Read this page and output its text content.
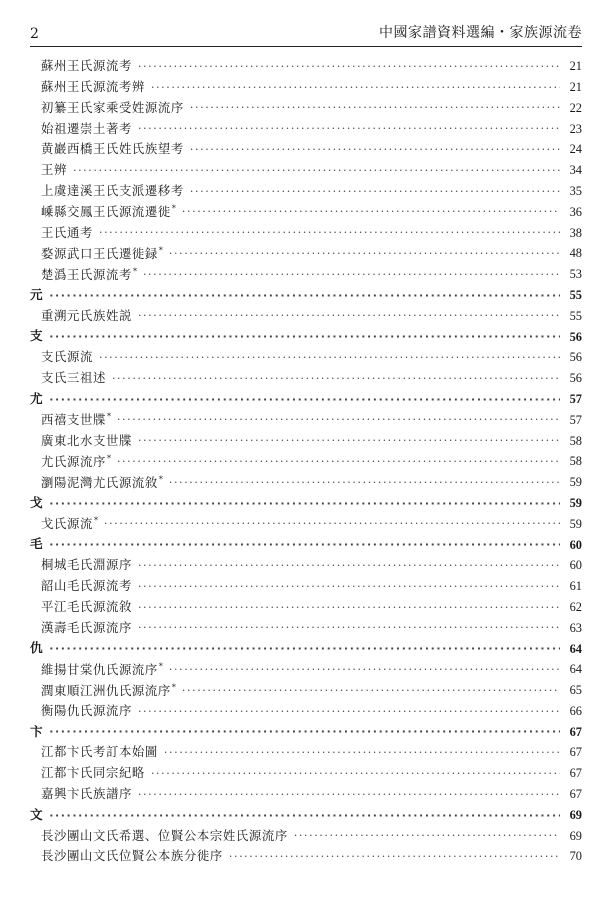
2	中國家譜資料選編・家族源流卷
蘇州王氏源流考 ·····	21
蘇州王氏源流考辨 ·····	21
初纂王氏家乘受姓源流序 ·····	22
始祖遷崇土著考 ·····	23
黄巖西橋王氏姓氏族望考 ·····	24
王辨 ·····	34
上虞達溪王氏支派遷移考 ·····	35
嵊縣交鳳王氏源流遷徙* ·····	36
王氏通考 ·····	38
婺源武口王氏遷徙録* ·····	48
楚潙王氏源流考* ·····	53
元 ·····	55
重溯元氏族姓説 ·····	55
支 ·····	56
支氏源流 ·····	56
支氏三祖述 ·····	56
尤 ·····	57
西禧支世牒* ·····	57
廣東北水支世牒 ·····	58
尤氏源流序* ·····	58
瀏陽泥灣尤氏源流敘* ·····	59
戈 ·····	59
戈氏源流* ·····	59
毛 ·····	60
桐城毛氏淵源序 ·····	60
韶山毛氏源流考 ·····	61
平江毛氏源流敘 ·····	62
漢壽毛氏源流序 ·····	63
仇 ·····	64
維揚甘棠仇氏源流序* ·····	64
潤東順江洲仇氏源流序* ·····	65
衡陽仇氏源流序 ·····	66
卞 ·····	67
江都卞氏考訂本始圖 ·····	67
江都卞氏同宗紀略 ·····	67
嘉興卞氏族譜序 ·····	67
文 ·····	69
長沙團山文氏希選、位賢公本宗姓氏源流序 ·····	69
長沙團山文氏位賢公本族分徙序 ·····	70
